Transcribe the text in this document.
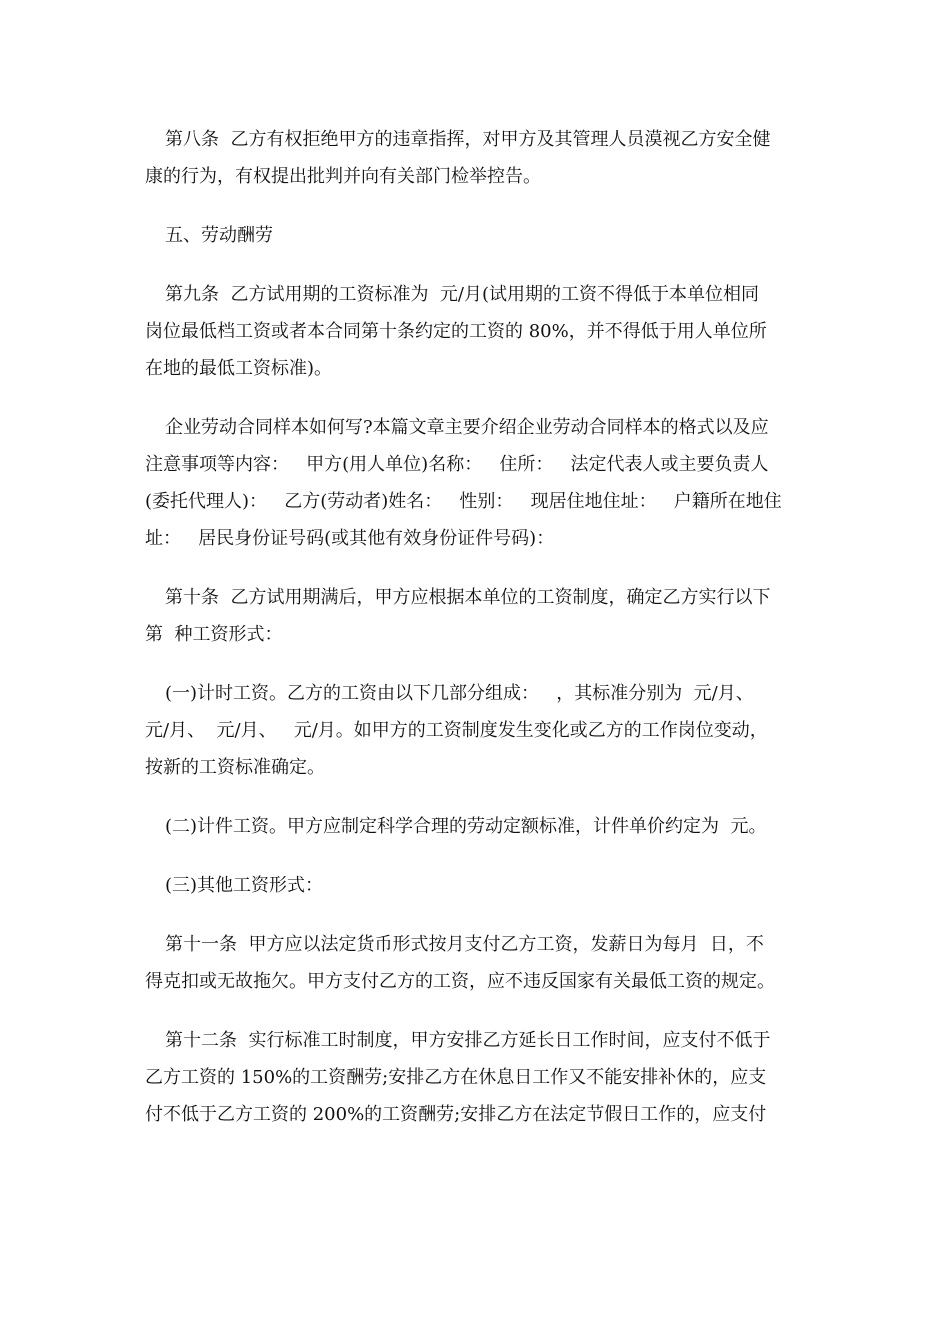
第八条  乙方有权拒绝甲方的违章指挥，对甲方及其管理人员漠视乙方安全健
康的行为，有权提出批判并向有关部门检举控告。

五、劳动酬劳

第九条  乙方试用期的工资标准为  元/月(试用期的工资不得低于本单位相同
岗位最低档工资或者本合同第十条约定的工资的 80%，并不得低于用人单位所
在地的最低工资标准)。

企业劳动合同样本如何写?本篇文章主要介绍企业劳动合同样本的格式以及应
注意事项等内容：   甲方(用人单位)名称：   住所：   法定代表人或主要负责人
(委托代理人)：   乙方(劳动者)姓名：   性别：   现居住地住址：   户籍所在地住
址：   居民身份证号码(或其他有效身份证件号码)：

第十条  乙方试用期满后，甲方应根据本单位的工资制度，确定乙方实行以下
第  种工资形式：

(一)计时工资。乙方的工资由以下几部分组成：   ，其标准分别为  元/月、
元/月、  元/月、   元/月。如甲方的工资制度发生变化或乙方的工作岗位变动，
按新的工资标准确定。

(二)计件工资。甲方应制定科学合理的劳动定额标准，计件单价约定为  元。

(三)其他工资形式：

第十一条  甲方应以法定货币形式按月支付乙方工资，发薪日为每月  日，不
得克扣或无故拖欠。甲方支付乙方的工资，应不违反国家有关最低工资的规定。

第十二条  实行标准工时制度，甲方安排乙方延长日工作时间，应支付不低于
乙方工资的 150%的工资酬劳;安排乙方在休息日工作又不能安排补休的，应支
付不低于乙方工资的 200%的工资酬劳;安排乙方在法定节假日工作的，应支付
